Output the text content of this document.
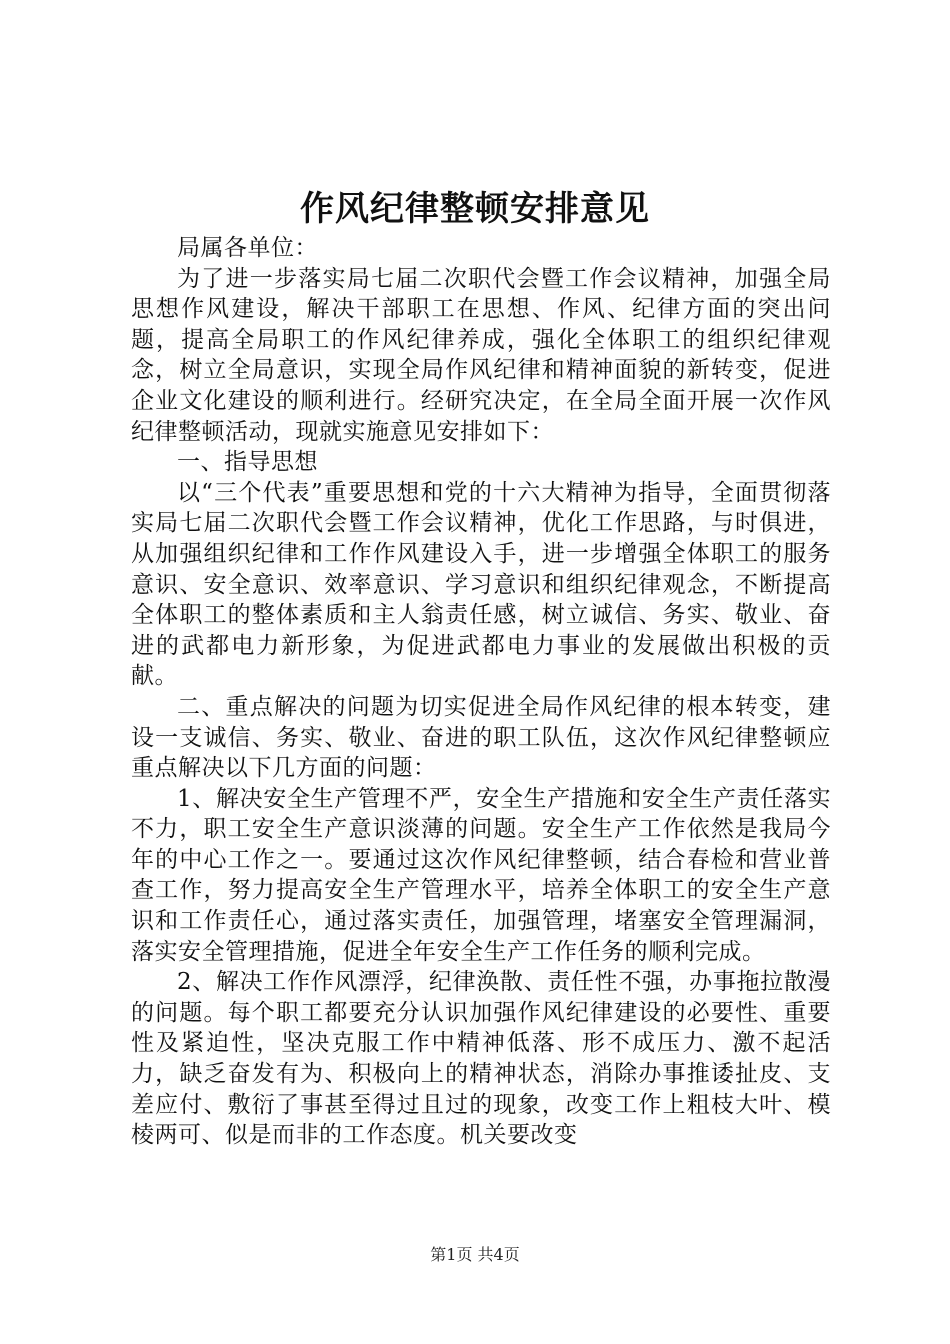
作风纪律整顿安排意见

局属各单位：

为了进一步落实局七届二次职代会暨工作会议精神，加强全局思想作风建设，解决干部职工在思想、作风、纪律方面的突出问题，提高全局职工的作风纪律养成，强化全体职工的组织纪律观念，树立全局意识，实现全局作风纪律和精神面貌的新转变，促进企业文化建设的顺利进行。经研究决定，在全局全面开展一次作风纪律整顿活动，现就实施意见安排如下：

一、指导思想

以“三个代表”重要思想和党的十六大精神为指导，全面贯彻落实局七届二次职代会暨工作会议精神，优化工作思路，与时俱进，从加强组织纪律和工作作风建设入手，进一步增强全体职工的服务意识、安全意识、效率意识、学习意识和组织纪律观念，不断提高全体职工的整体素质和主人翁责任感，树立诚信、务实、敬业、奋进的武都电力新形象，为促进武都电力事业的发展做出积极的贡献。

二、重点解决的问题为切实促进全局作风纪律的根本转变，建设一支诚信、务实、敬业、奋进的职工队伍，这次作风纪律整顿应重点解决以下几方面的问题：

1、解决安全生产管理不严，安全生产措施和安全生产责任落实不力，职工安全生产意识淡薄的问题。安全生产工作依然是我局今年的中心工作之一。要通过这次作风纪律整顿，结合春检和营业普查工作，努力提高安全生产管理水平，培养全体职工的安全生产意识和工作责任心，通过落实责任，加强管理，堵塞安全管理漏洞，落实安全管理措施，促进全年安全生产工作任务的顺利完成。

2、解决工作作风漂浮，纪律涣散、责任性不强，办事拖拉散漫的问题。每个职工都要充分认识加强作风纪律建设的必要性、重要性及紧迫性，坚决克服工作中精神低落、形不成压力、激不起活力，缺乏奋发有为、积极向上的精神状态，消除办事推诿扯皮、支差应付、敷衍了事甚至得过且过的现象，改变工作上粗枝大叶、模棱两可、似是而非的工作态度。机关要改变

第1页 共4页
